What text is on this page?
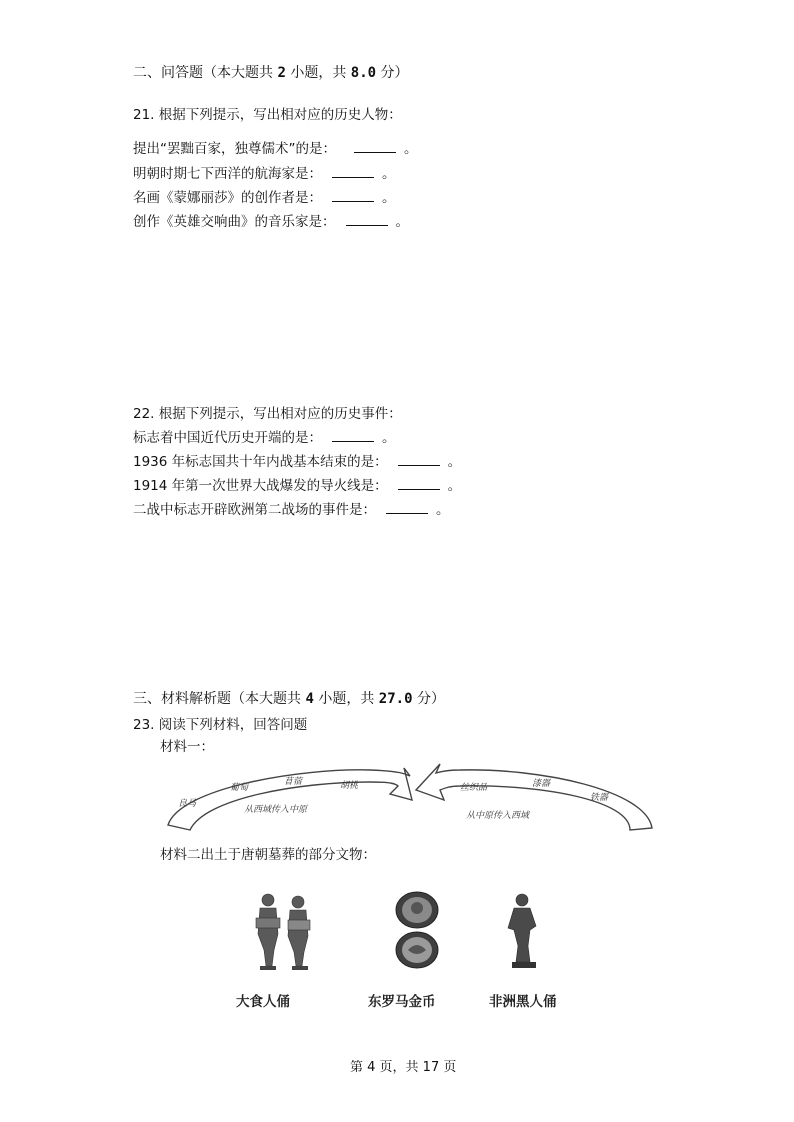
二、问答题（本大题共 2 小题，共 8.0 分）
21. 根据下列提示，写出相对应的历史人物：
提出“罢黜百家，独尊儒术”的是：	。
明朝时期七下西洋的航海家是：	。
名画《蒙娜丽莎》的创作者是：	。
创作《英雄交响曲》的音乐家是：	。
22. 根据下列提示，写出相对应的历史事件：
标志着中国近代历史开端的是：	。
1936 年标志国共十年内战基本结束的是：	。
1914 年第一次世界大战爆发的导火线是：	。
二战中标志开辟欧洲第二战场的事件是：	。
三、材料解析题（本大题共 4 小题，共 27.0 分）
23. 阅读下列材料，回答问题
材料一：
良马
葡萄
苜蓿	胡桃
从西域传入中原
丝织品	漆器
铁器
从中原传入西域
材料二出土于唐朝墓葬的部分文物：
大食人俑	东罗马金币	非洲黑人俑
第 4 页，共 17 页
